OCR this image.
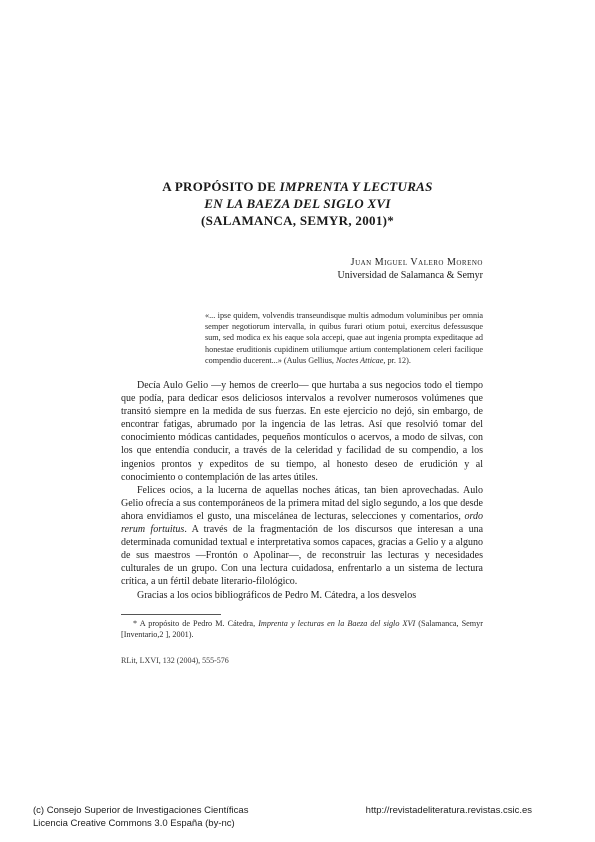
A PROPÓSITO DE IMPRENTA Y LECTURAS
EN LA BAEZA DEL SIGLO XVI
(SALAMANCA, SEMYR, 2001)*
Juan Miguel Valero Moreno
Universidad de Salamanca & Semyr
«... ipse quidem, volvendis transeundisque multis admodum voluminibus per omnia semper negotiorum intervalla, in quibus furari otium potui, exercitus defessusque sum, sed modica ex his eaque sola accepi, quae aut ingenia prompta expeditaque ad honestae eruditionis cupidinem utiliumque artium contemplationem celeri facilique compendio ducerent...» (Aulus Gellius, Noctes Atticae, pr. 12).

Decía Aulo Gelio —y hemos de creerlo— que hurtaba a sus negocios todo el tiempo que podía, para dedicar esos deliciosos intervalos a revolver numerosos volúmenes que transitó siempre en la medida de sus fuerzas. En este ejercicio no dejó, sin embargo, de encontrar fatigas, abrumado por la ingencia de las letras. Así que resolvió tomar del conocimiento módicas cantidades, pequeños montículos o acervos, a modo de silvas, con los que entendía conducir, a través de la celeridad y facilidad de su compendio, a los ingenios prontos y expeditos de su tiempo, al honesto deseo de erudición y al conocimiento o contemplación de las artes útiles.

Felices ocios, a la lucerna de aquellas noches áticas, tan bien aprovechadas. Aulo Gelio ofrecía a sus contemporáneos de la primera mitad del siglo segundo, a los que desde ahora envidiamos el gusto, una miscelánea de lecturas, selecciones y comentarios, ordo rerum fortuitus. A través de la fragmentación de los discursos que interesan a una determinada comunidad textual e interpretativa somos capaces, gracias a Gelio y a alguno de sus maestros —Frontón o Apolinar—, de reconstruir las lecturas y necesidades culturales de un grupo. Con una lectura cuidadosa, enfrentarlo a un sistema de lectura crítica, a un fértil debate literario-filológico.

Gracias a los ocios bibliográficos de Pedro M. Cátedra, a los desvelos

* A propósito de Pedro M. Cátedra, Imprenta y lecturas en la Baeza del siglo XVI (Salamanca, Semyr [Inventario,2 ], 2001).

RLit, LXVI, 132 (2004), 555-576
(c) Consejo Superior de Investigaciones Científicas
Licencia Creative Commons 3.0 España (by-nc)
http://revistadeliteratura.revistas.csic.es
